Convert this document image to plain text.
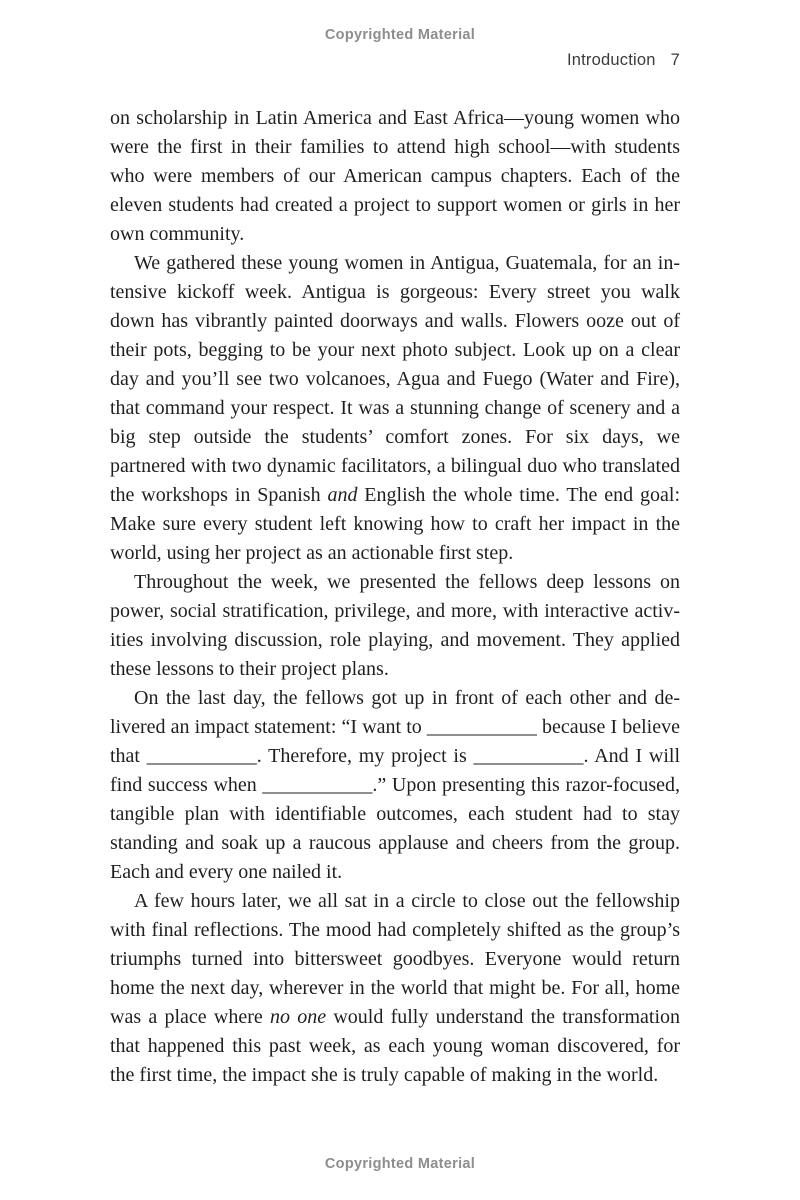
Copyrighted Material
Introduction 7

on scholarship in Latin America and East Africa—young women who were the first in their families to attend high school—with students who were members of our American campus chapters. Each of the eleven students had created a project to support women or girls in her own community.

We gathered these young women in Antigua, Guatemala, for an intensive kickoff week. Antigua is gorgeous: Every street you walk down has vibrantly painted doorways and walls. Flowers ooze out of their pots, begging to be your next photo subject. Look up on a clear day and you’ll see two volcanoes, Agua and Fuego (Water and Fire), that command your respect. It was a stunning change of scenery and a big step outside the students’ comfort zones. For six days, we partnered with two dynamic facilitators, a bilingual duo who translated the workshops in Spanish and English the whole time. The end goal: Make sure every student left knowing how to craft her impact in the world, using her project as an actionable first step.

Throughout the week, we presented the fellows deep lessons on power, social stratification, privilege, and more, with interactive activities involving discussion, role playing, and movement. They applied these lessons to their project plans.

On the last day, the fellows got up in front of each other and delivered an impact statement: “I want to ___________ because I believe that ___________. Therefore, my project is ___________. And I will find success when ___________.” Upon presenting this razor-focused, tangible plan with identifiable outcomes, each student had to stay standing and soak up a raucous applause and cheers from the group. Each and every one nailed it.

A few hours later, we all sat in a circle to close out the fellowship with final reflections. The mood had completely shifted as the group’s triumphs turned into bittersweet goodbyes. Everyone would return home the next day, wherever in the world that might be. For all, home was a place where no one would fully understand the transformation that happened this past week, as each young woman discovered, for the first time, the impact she is truly capable of making in the world.

Copyrighted Material
